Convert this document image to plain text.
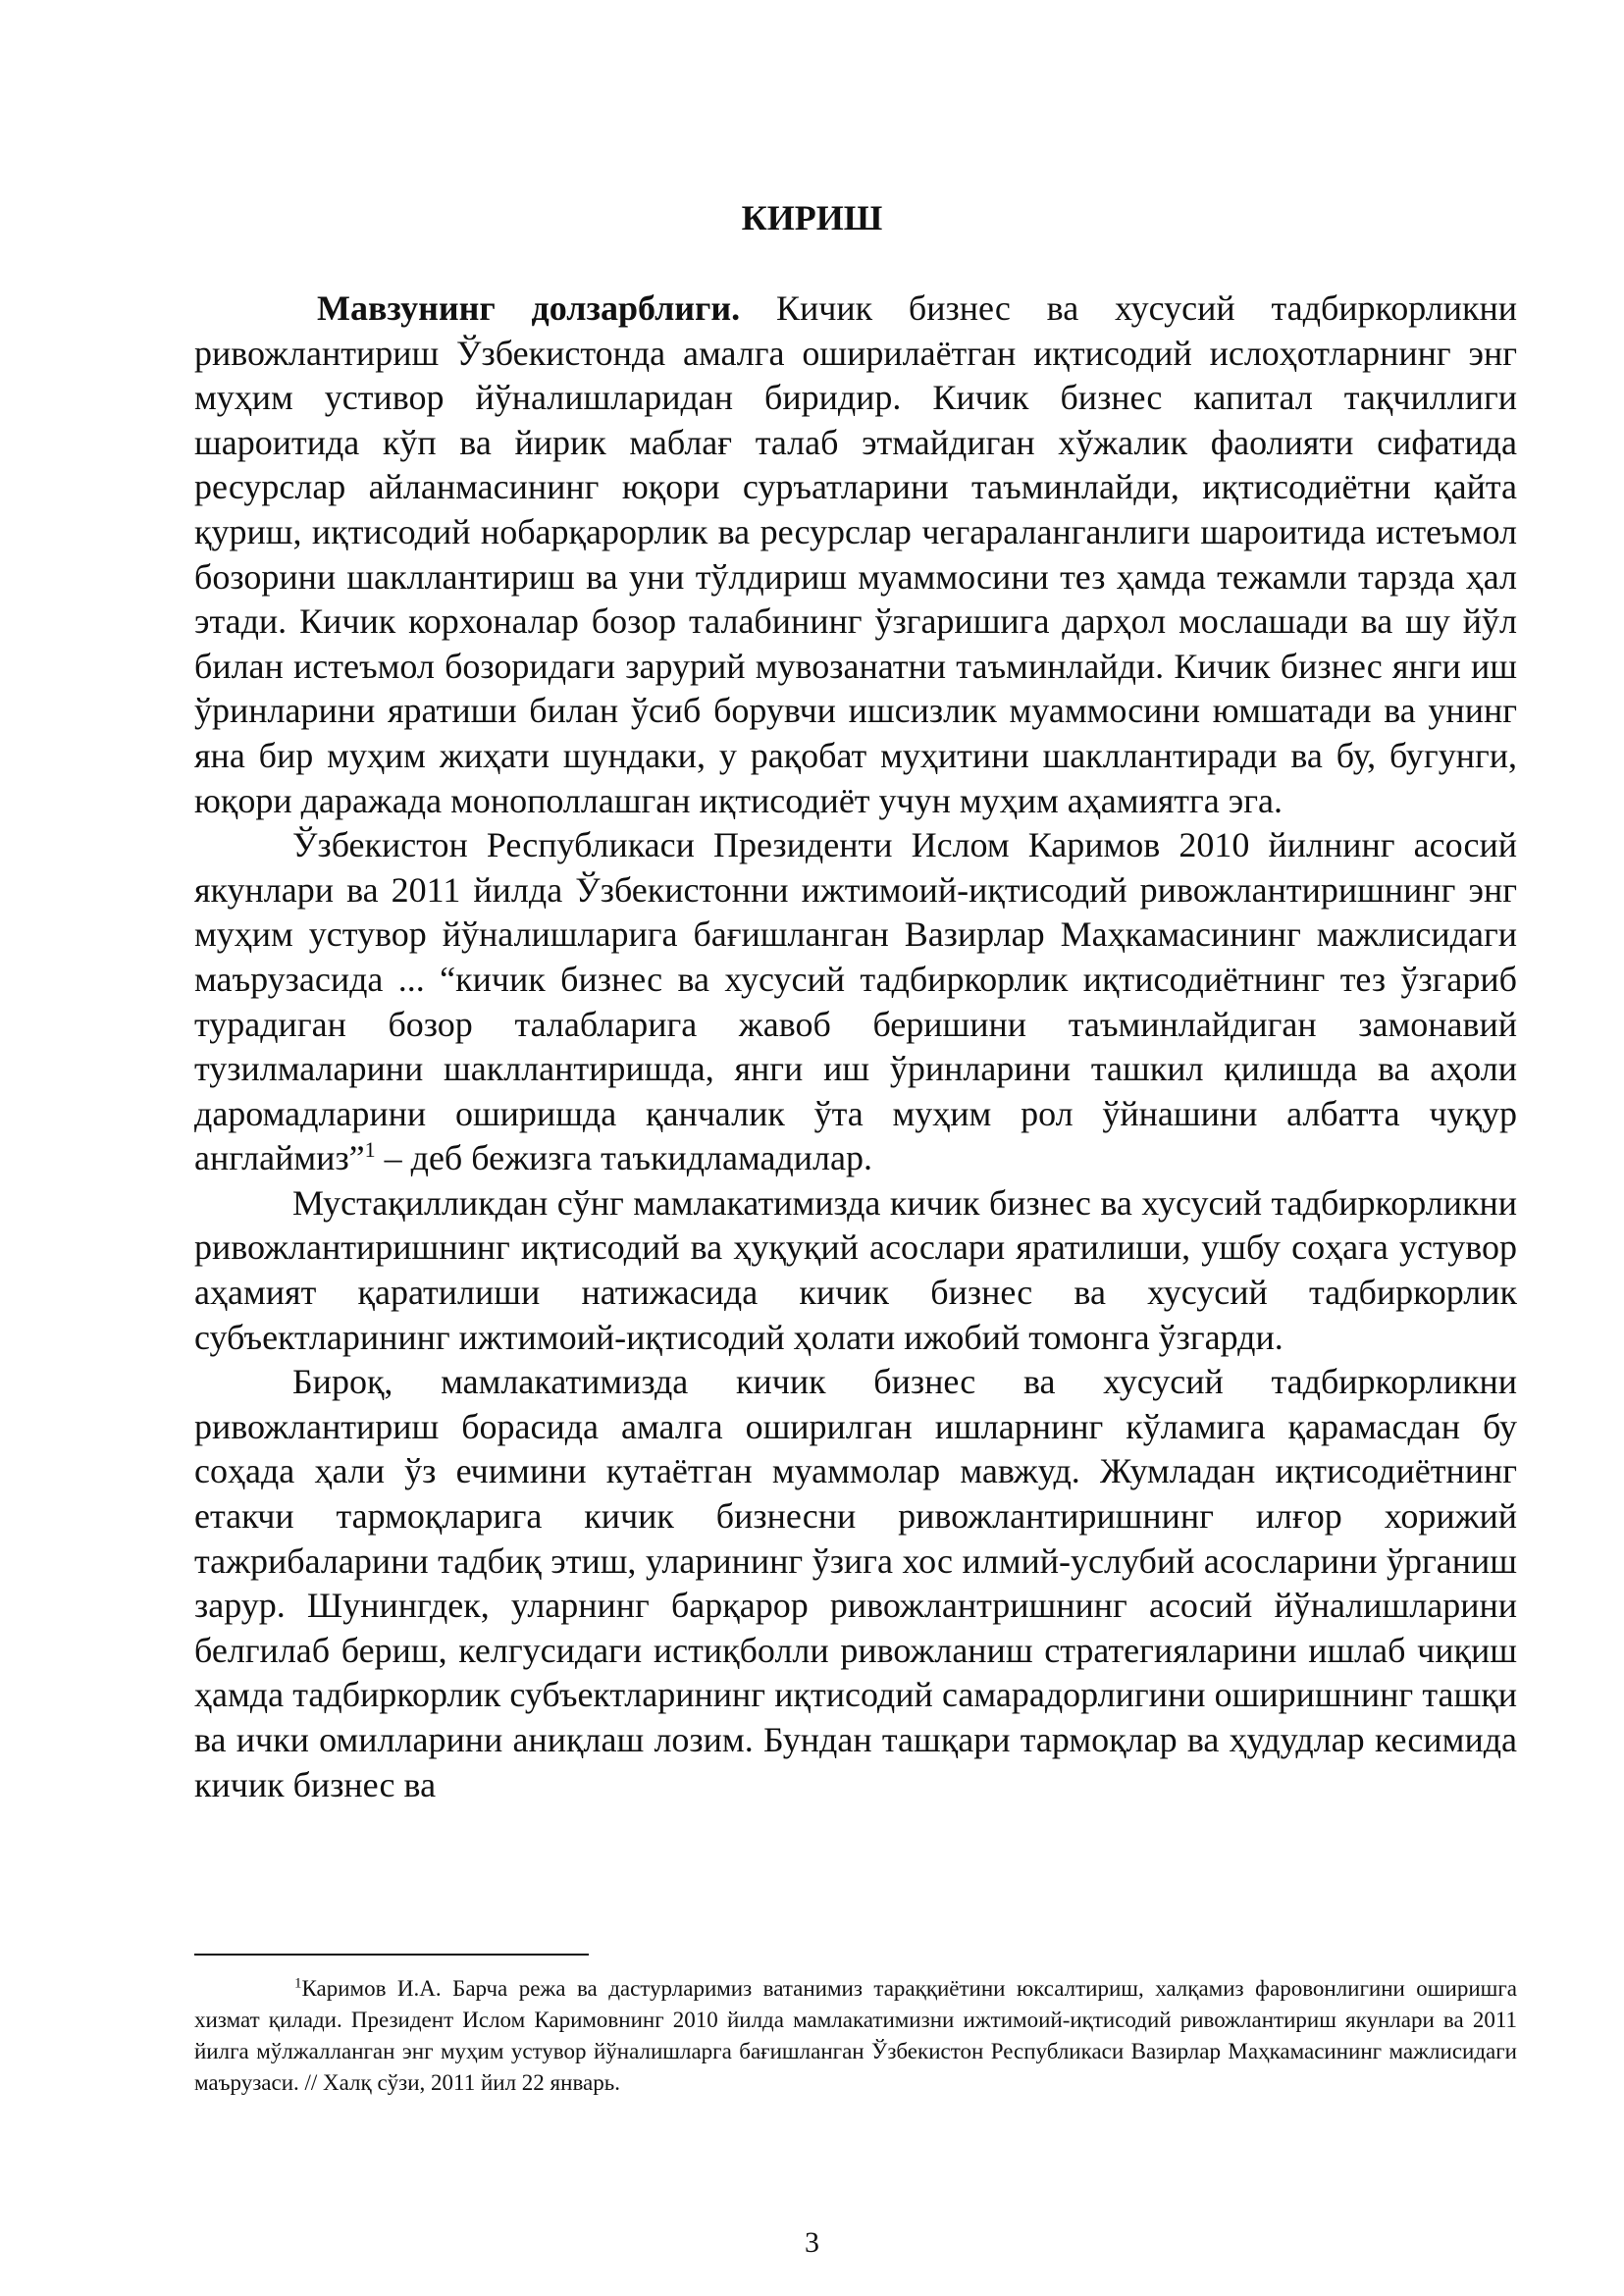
КИРИШ

Мавзунинг долзарблиги. Кичик бизнес ва хусусий тадбиркорликни ривожлантириш Ўзбекистонда амалга оширилаётган иқтисодий ислоҳотларнинг энг муҳим устивор йўналишларидан биридир. Кичик бизнес капитал тақчиллиги шароитида кўп ва йирик маблағ талаб этмайдиган хўжалик фаолияти сифатида ресурслар айланмасининг юқори суръатларини таъминлайди, иқтисодиётни қайта қуриш, иқтисодий нобарқарорлик ва ресурслар чегараланганлиги шароитида истеъмол бозорини шакллантириш ва уни тўлдириш муаммосини тез ҳамда тежамли тарзда ҳал этади. Кичик корхоналар бозор талабининг ўзгаришига дарҳол мослашади ва шу йўл билан истеъмол бозоридаги зарурий мувозанатни таъминлайди. Кичик бизнес янги иш ўринларини яратиши билан ўсиб борувчи ишсизлик муаммосини юмшатади ва унинг яна бир муҳим жиҳати шундаки, у рақобат муҳитини шакллантиради ва бу, бугунги, юқори даражада монополлашган иқтисодиёт учун муҳим аҳамиятга эга.

Ўзбекистон Республикаси Президенти Ислом Каримов 2010 йилнинг асосий якунлари ва 2011 йилда Ўзбекистонни ижтимоий-иқтисодий ривожлантиришнинг энг муҳим устувор йўналишларига бағишланган Вазирлар Маҳкамасининг мажлисидаги маърузасида ... “кичик бизнес ва хусусий тадбиркорлик иқтисодиётнинг тез ўзгариб турадиган бозор талабларига жавоб беришини таъминлайдиган замонавий тузилмаларини шакллантиришда, янги иш ўринларини ташкил қилишда ва аҳоли даромадларини оширишда қанчалик ўта муҳим рол ўйнашини албатта чуқур англаймиз”$^1$ – деб бежизга таъкидламадилар.

Мустақилликдан сўнг мамлакатимизда кичик бизнес ва хусусий тадбиркорликни ривожлантиришнинг иқтисодий ва ҳуқуқий асослари яратилиши, ушбу соҳага устувор аҳамият қаратилиши натижасида кичик бизнес ва хусусий тадбиркорлик субъектларининг ижтимоий-иқтисодий ҳолати ижобий томонга ўзгарди.

Бироқ, мамлакатимизда кичик бизнес ва хусусий тадбиркорликни ривожлантириш борасида амалга оширилган ишларнинг кўламига қарамасдан бу соҳада ҳали ўз ечимини кутаётган муаммолар мавжуд. Жумладан иқтисодиётнинг етакчи тармоқларига кичик бизнесни ривожлантиришнинг илғор хорижий тажрибаларини тадбиқ этиш, уларининг ўзига хос илмий-услубий асосларини ўрганиш зарур. Шунингдек, уларнинг барқарор ривожлантришнинг асосий йўналишларини белгилаб бериш, келгусидаги истиқболли ривожланиш стратегияларини ишлаб чиқиш ҳамда тадбиркорлик субъектларининг иқтисодий самарадорлигини оширишнинг ташқи ва ички омилларини аниқлаш лозим. Бундан ташқари тармоқлар ва ҳудудлар кесимида кичик бизнес ва

$^1$Каримов И.А. Барча режа ва дастурларимиз ватанимиз тараққиётини юксалтириш, халқамиз фаровонлигини оширишга хизмат қилади. Президент Ислом Каримовнинг 2010 йилда мамлакатимизни ижтимоий-иқтисодий ривожлантириш якунлари ва 2011 йилга мўлжалланган энг муҳим устувор йўналишларга бағишланган Ўзбекистон Республикаси Вазирлар Маҳкамасининг мажлисидаги маърузаси. // Халқ сўзи, 2011 йил 22 январь.

3
